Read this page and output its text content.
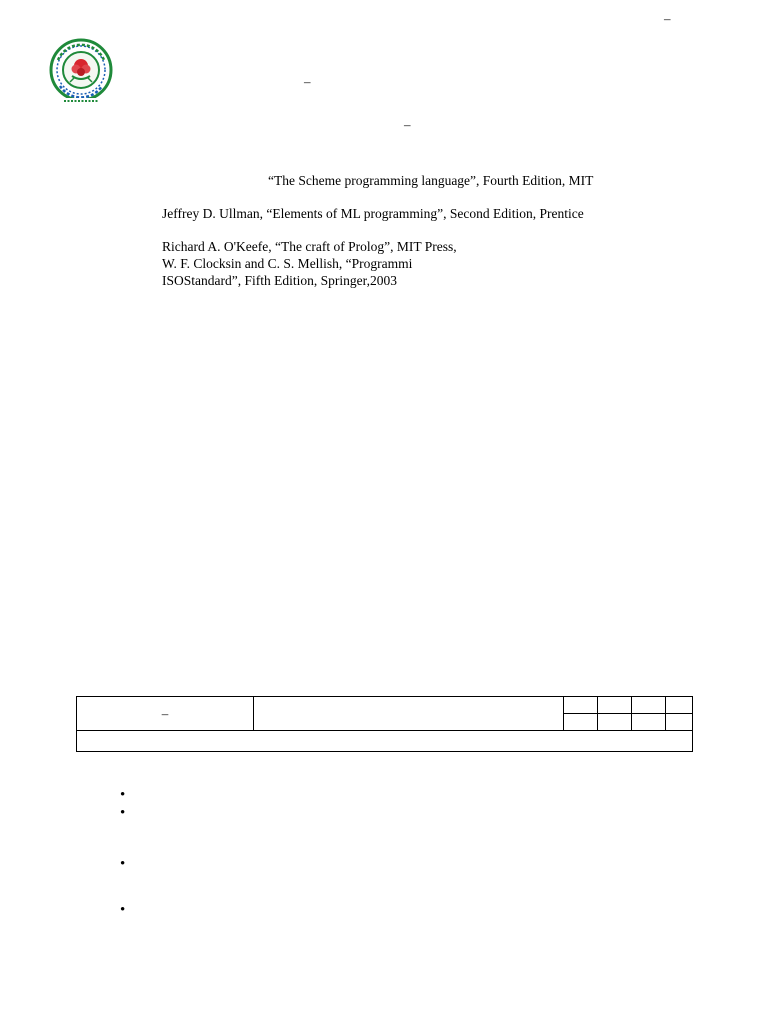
–
–
–
“The Scheme programming language”, Fourth Edition, MIT
Jeffrey D. Ullman, “Elements of ML programming”, Second Edition, Prentice
Richard A. O'Keefe, “The craft of Prolog”, MIT Press,
W. F. Clocksin and C. S. Mellish, “Programmi
ISOStandard”, Fifth Edition, Springer,2003
–					

•
•
•
•
